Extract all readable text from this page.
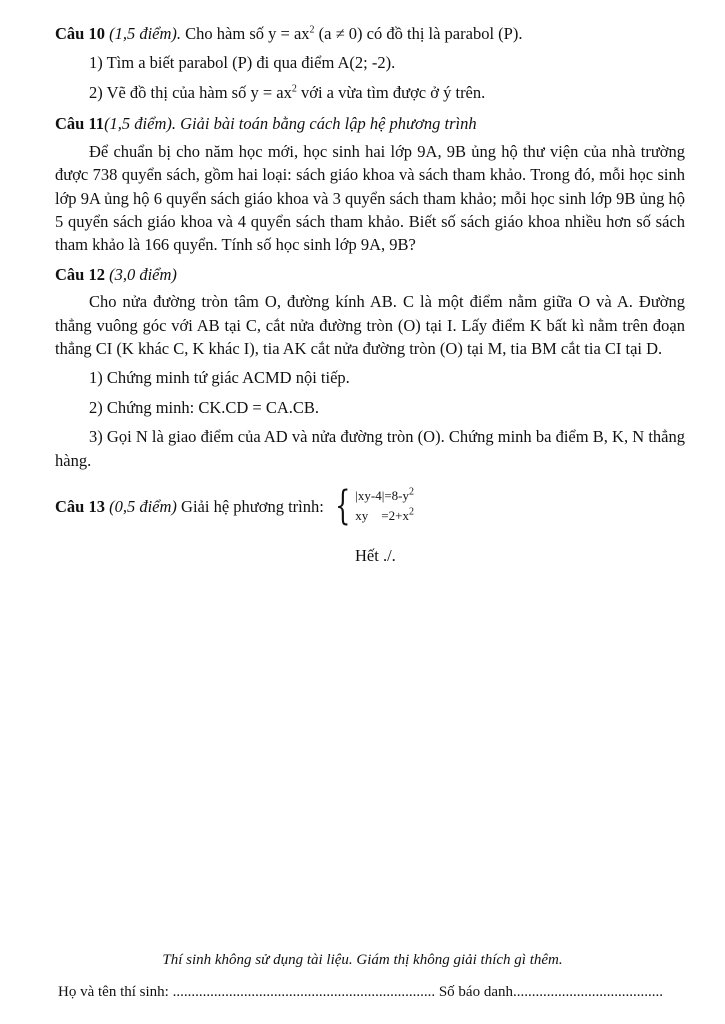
Câu 10 (1,5 điểm). Cho hàm số $y = ax^2$ (a ≠ 0) có đồ thị là parabol (P).

1) Tìm a biết parabol (P) đi qua điểm A(2; -2).

2) Vẽ đồ thị của hàm số $y = ax^2$ với a vừa tìm được ở ý trên.

Câu 11(1,5 điểm). Giải bài toán bằng cách lập hệ phương trình

Để chuẩn bị cho năm học mới, học sinh hai lớp 9A, 9B ủng hộ thư viện của nhà trường được 738 quyển sách, gồm hai loại: sách giáo khoa và sách tham khảo. Trong đó, mỗi học sinh lớp 9A ủng hộ 6 quyển sách giáo khoa và 3 quyển sách tham khảo; mỗi học sinh lớp 9B ủng hộ 5 quyển sách giáo khoa và 4 quyển sách tham khảo. Biết số sách giáo khoa nhiều hơn số sách tham khảo là 166 quyển. Tính số học sinh lớp 9A, 9B?

Câu 12 (3,0 điểm)

Cho nửa đường tròn tâm O, đường kính AB. C là một điểm nằm giữa O và A. Đường thẳng vuông góc với AB tại C, cắt nửa đường tròn (O) tại I. Lấy điểm K bất kì nằm trên đoạn thẳng CI (K khác C, K khác I), tia AK cắt nửa đường tròn (O) tại M, tia BM cắt tia CI tại D.

1) Chứng minh tứ giác ACMD nội tiếp.

2) Chứng minh: CK.CD = CA.CB.

3) Gọi N là giao điểm của AD và nửa đường tròn (O). Chứng minh ba điểm B, K, N thẳng hàng.

Câu 13 (0,5 điểm) Giải hệ phương trình: { $|xy-4|=8-y^2$
xy    $=2+x^2$

Hết ./.

Thí sinh không sử dụng tài liệu. Giám thị không giải thích gì thêm.
Họ và tên thí sinh: ...................................................................... Số báo danh........................................
